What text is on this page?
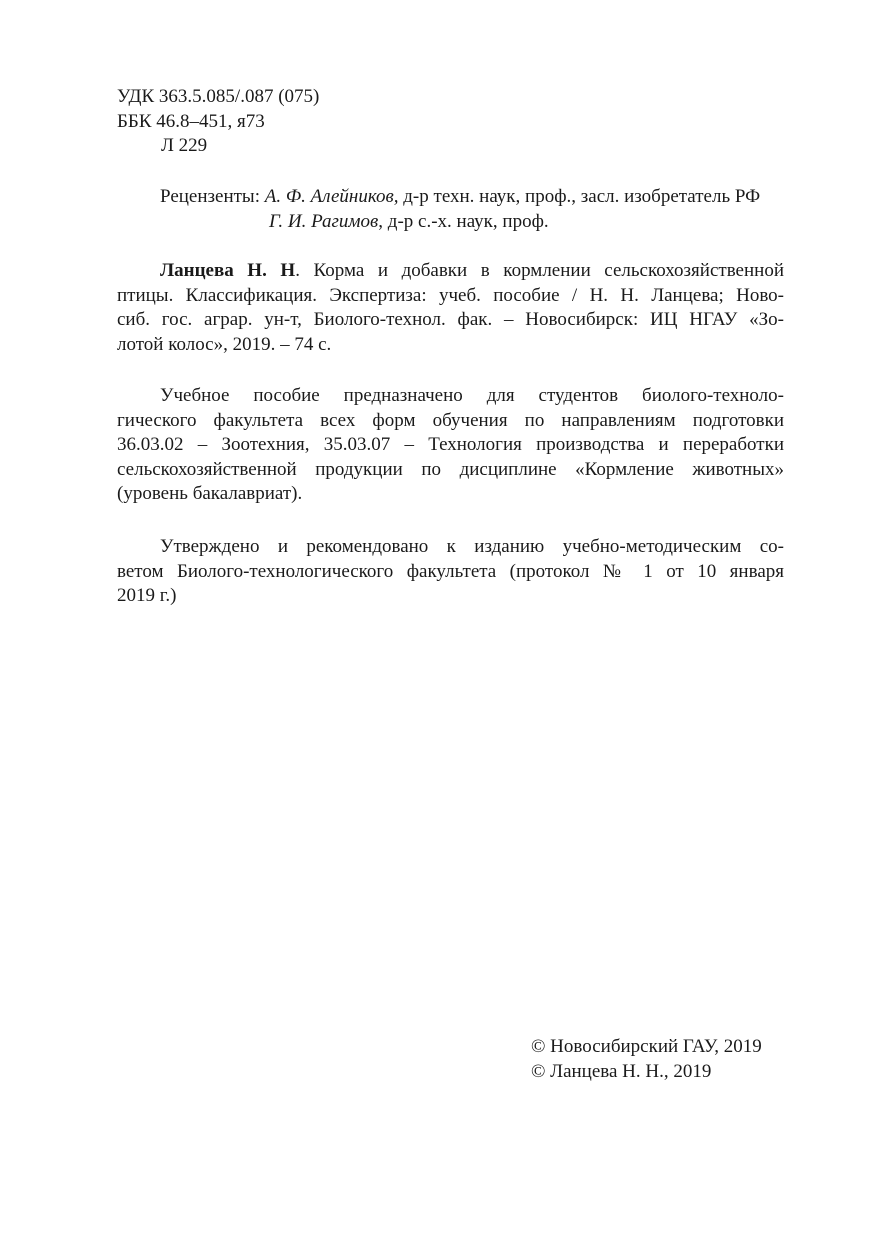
УДК 363.5.085/.087 (075)
ББК 46.8–451, я73
Л 229
Рецензенты: А. Ф. Алейников, д-р техн. наук, проф., засл. изобретатель РФ
Г. И. Рагимов, д-р с.-х. наук, проф.
Ланцева Н. Н. Корма и добавки в кормлении сельскохозяйственной
птицы. Классификация. Экспертиза: учеб. пособие / Н. Н. Ланцева; Ново-
сиб. гос. аграр. ун-т, Биолого-технол. фак. – Новосибирск: ИЦ НГАУ «Зо-
лотой колос», 2019. – 74 с.
Учебное пособие предназначено для студентов биолого-техноло-
гического факультета всех форм обучения по направлениям подготовки
36.03.02 – Зоотехния, 35.03.07 – Технология производства и переработки
сельскохозяйственной продукции по дисциплине «Кормление животных»
(уровень бакалавриат).
Утверждено и рекомендовано к изданию учебно-методическим со-
ветом Биолого-технологического факультета (протокол № 1 от 10 января
2019 г.)
© Новосибирский ГАУ, 2019
© Ланцева Н. Н., 2019
